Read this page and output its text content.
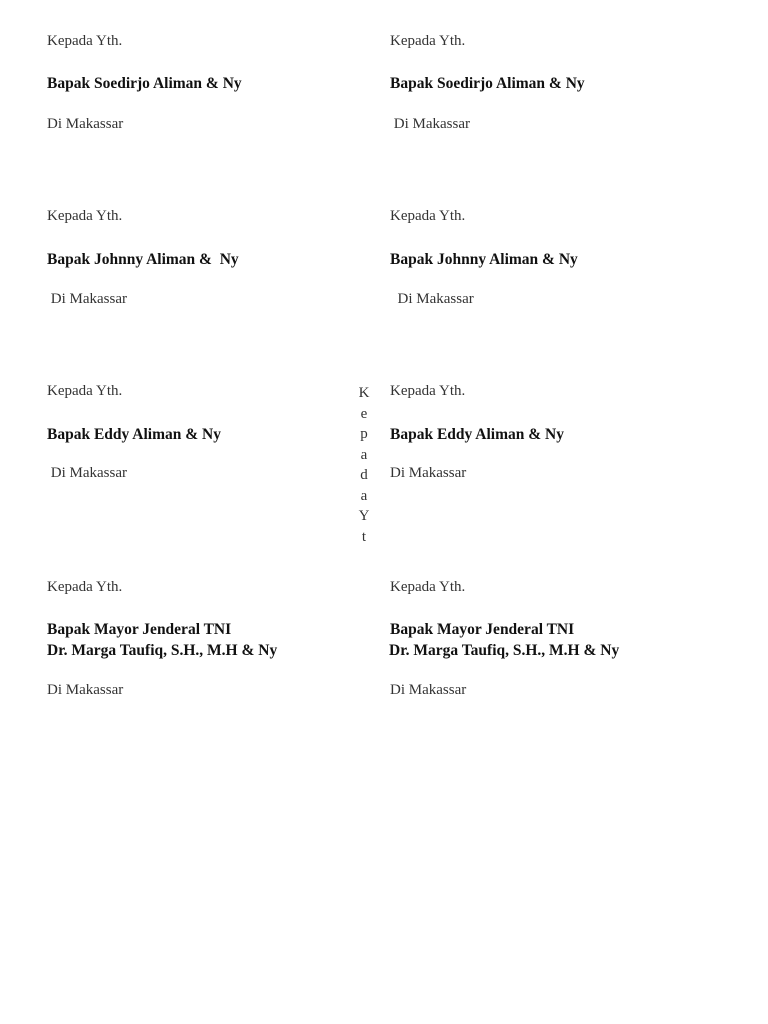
Kepada Yth.
Bapak Soedirjo Aliman & Ny
Di Makassar
Kepada Yth.
Bapak Soedirjo Aliman & Ny
Di Makassar
Kepada Yth.
Bapak Johnny Aliman &  Ny
Di Makassar
Kepada Yth.
Bapak Johnny Aliman & Ny
Di Makassar
Kepada Yth.
Bapak Eddy Aliman & Ny
Di Makassar
K
e
p
a
d
a
Y
t
Kepada Yth.
Bapak Eddy Aliman & Ny
Di Makassar
Kepada Yth.
Bapak Mayor Jenderal TNI
Dr. Marga Taufiq, S.H., M.H & Ny
Di Makassar
Kepada Yth.
Bapak Mayor Jenderal TNI
Dr. Marga Taufiq, S.H., M.H & Ny
Di Makassar
